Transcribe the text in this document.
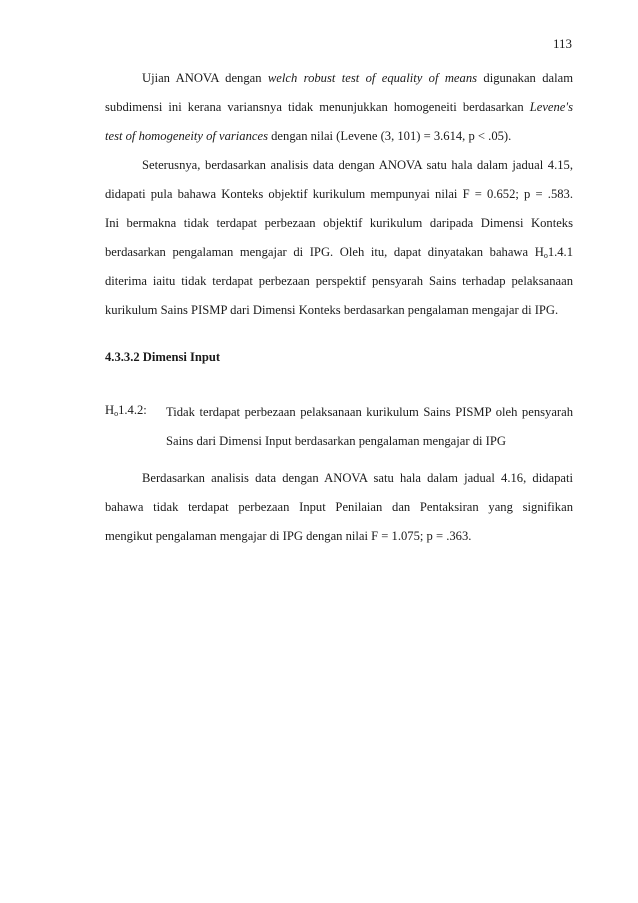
113
Ujian ANOVA dengan welch robust test of equality of means digunakan dalam
subdimensi ini kerana variansnya tidak menunjukkan homogeneiti berdasarkan Levene's
test of homogeneity of variances dengan nilai (Levene (3, 101) = 3.614, p < .05).
Seterusnya, berdasarkan analisis data dengan ANOVA satu hala dalam jadual 4.15,
didapati pula bahawa Konteks objektif kurikulum mempunyai nilai F = 0.652; p = .583.
Ini bermakna tidak terdapat perbezaan objektif kurikulum daripada Dimensi Konteks
berdasarkan pengalaman mengajar di IPG. Oleh itu, dapat dinyatakan bahawa $H_o1.4.1$
diterima iaitu tidak terdapat perbezaan perspektif pensyarah Sains terhadap pelaksanaan
kurikulum Sains PISMP dari Dimensi Konteks berdasarkan pengalaman mengajar di IPG.
4.3.3.2 Dimensi Input
$H_o1.4.2$: Tidak terdapat perbezaan pelaksanaan kurikulum Sains PISMP oleh pensyarah
Sains dari Dimensi Input berdasarkan pengalaman mengajar di IPG
Berdasarkan analisis data dengan ANOVA satu hala dalam jadual 4.16, didapati
bahawa tidak terdapat perbezaan Input Penilaian dan Pentaksiran yang signifikan
mengikut pengalaman mengajar di IPG dengan nilai F = 1.075; p = .363.
